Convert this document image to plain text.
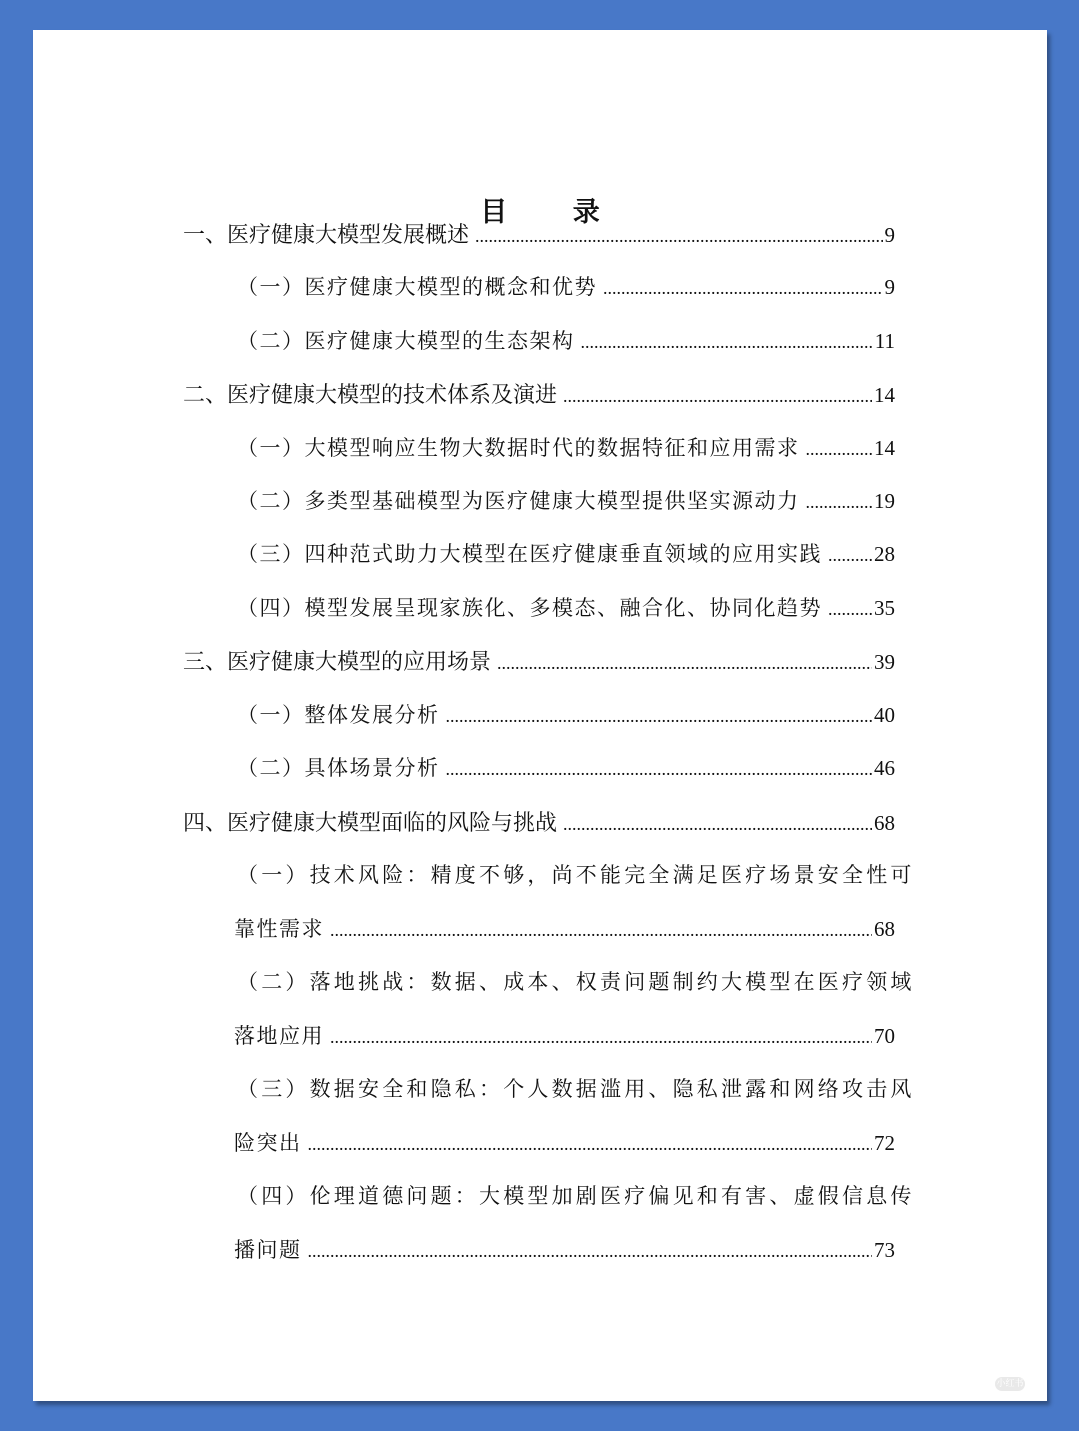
目 录
一、医疗健康大模型发展概述 .....	9
（一）医疗健康大模型的概念和优势 .....	9
（二）医疗健康大模型的生态架构 .....	11
二、医疗健康大模型的技术体系及演进 .....	14
（一）大模型响应生物大数据时代的数据特征和应用需求 .....	14
（二）多类型基础模型为医疗健康大模型提供坚实源动力 .....	19
（三）四种范式助力大模型在医疗健康垂直领域的应用实践 ..... 28
（四）模型发展呈现家族化、多模态、融合化、协同化趋势 ..... 35
三、医疗健康大模型的应用场景 .....	39
（一）整体发展分析 .....	40
（二）具体场景分析 .....	46
四、医疗健康大模型面临的风险与挑战 .....	68
（一）技术风险：精度不够，尚不能完全满足医疗场景安全性可
靠性需求 .....	68
（二）落地挑战：数据、成本、权责问题制约大模型在医疗领域
落地应用 .....	70
（三）数据安全和隐私：个人数据滥用、隐私泄露和网络攻击风
险突出 .....	72
（四）伦理道德问题：大模型加剧医疗偏见和有害、虚假信息传
播问题 .....	73
小红书
